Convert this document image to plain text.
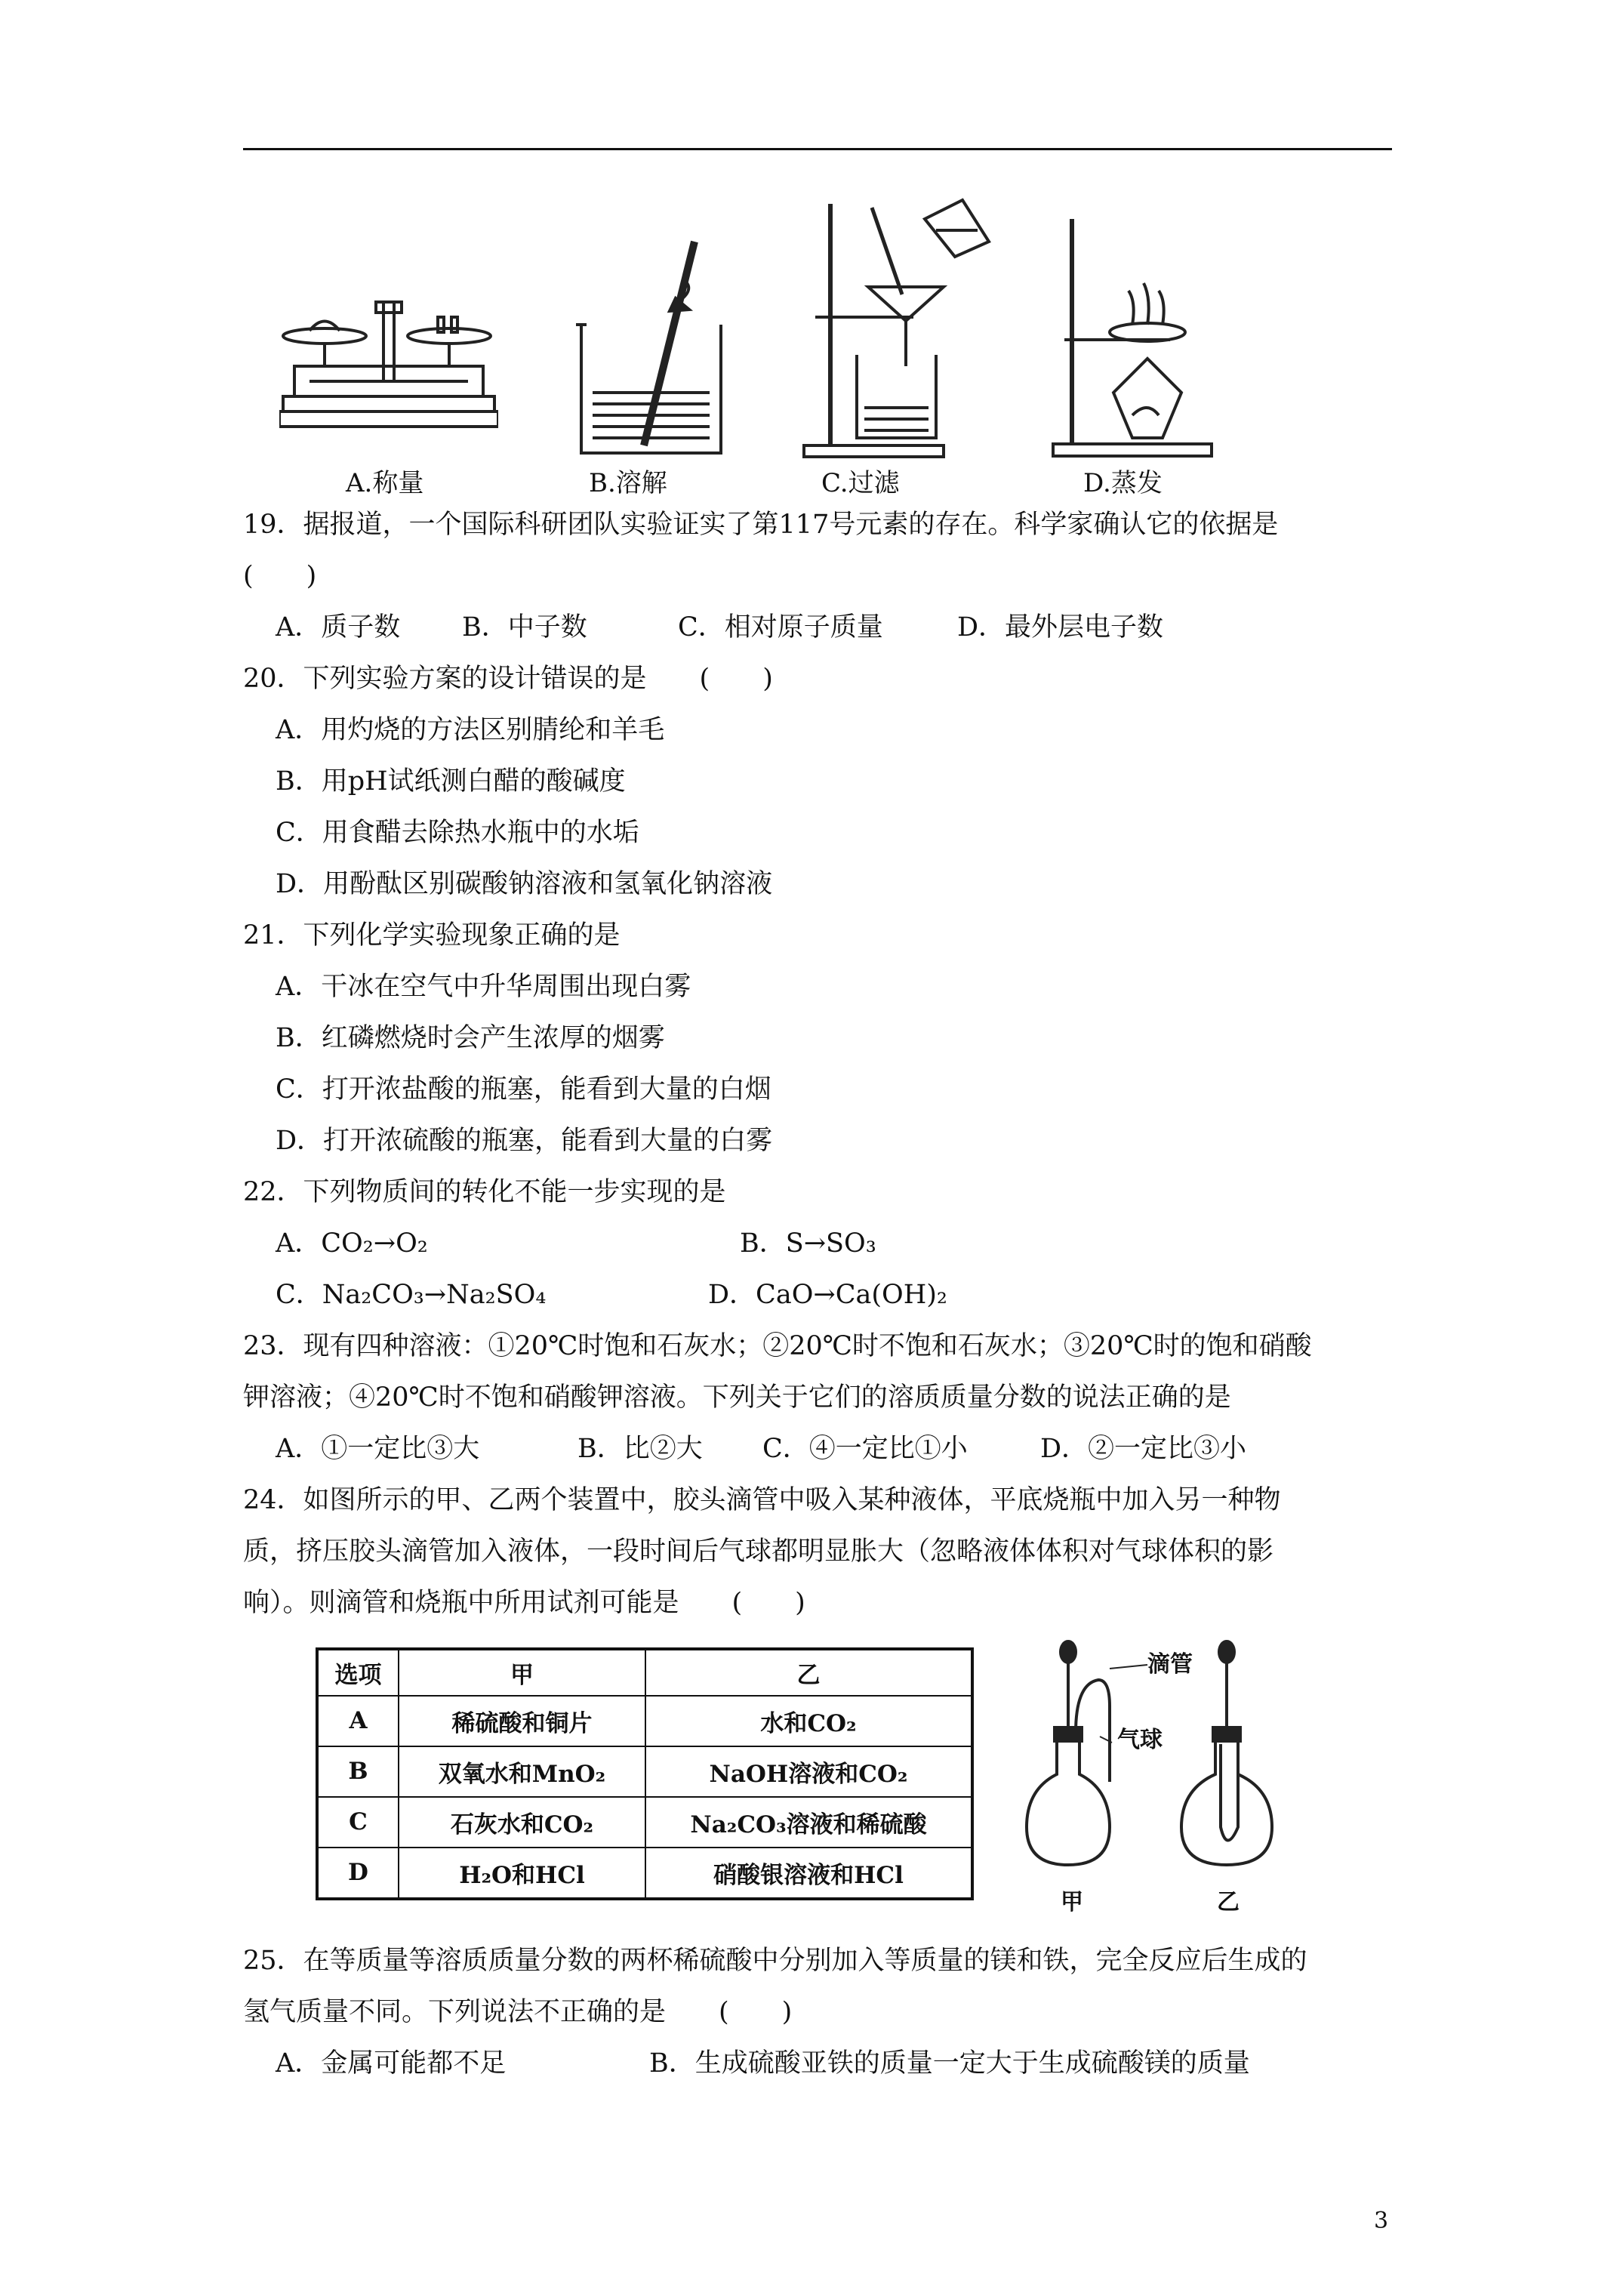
A.称量	B.溶解	C.过滤	D.蒸发
19．据报道，一个国际科研团队实验证实了第117号元素的存在。科学家确认它的依据是
(　　)
A．质子数 B．中子数	C．相对原子质量	D．最外层电子数
20．下列实验方案的设计错误的是　　(　　)
A．用灼烧的方法区别腈纶和羊毛
B．用pH试纸测白醋的酸碱度
C．用食醋去除热水瓶中的水垢
D．用酚酞区别碳酸钠溶液和氢氧化钠溶液
21．下列化学实验现象正确的是
A．干冰在空气中升华周围出现白雾
B．红磷燃烧时会产生浓厚的烟雾
C．打开浓盐酸的瓶塞，能看到大量的白烟
D．打开浓硫酸的瓶塞，能看到大量的白雾
22．下列物质间的转化不能一步实现的是
A．CO₂→O₂	B．S→SO₃
C．Na₂CO₃→Na₂SO₄	D．CaO→Ca(OH)₂
23．现有四种溶液：①20℃时饱和石灰水；②20℃时不饱和石灰水；③20℃时的饱和硝酸
钾溶液；④20℃时不饱和硝酸钾溶液。下列关于它们的溶质质量分数的说法正确的是
A．①一定比③大	B．比②大 C．④一定比①小	D．②一定比③小
24．如图所示的甲、乙两个装置中，胶头滴管中吸入某种液体，平底烧瓶中加入另一种物
质，挤压胶头滴管加入液体，一段时间后气球都明显胀大（忽略液体体积对气球体积的影
响）。则滴管和烧瓶中所用试剂可能是　　(　　)
选项	甲	乙
A	稀硫酸和铜片	水和CO₂
B	双氧水和MnO₂	NaOH溶液和CO₂
C	石灰水和CO₂	Na₂CO₃溶液和稀硫酸
D	H₂O和HCl	硝酸银溶液和HCl
滴管
气球
甲	乙
25．在等质量等溶质质量分数的两杯稀硫酸中分别加入等质量的镁和铁，完全反应后生成的
氢气质量不同。下列说法不正确的是　　(　　)
A．金属可能都不足	B．生成硫酸亚铁的质量一定大于生成硫酸镁的质量
3
